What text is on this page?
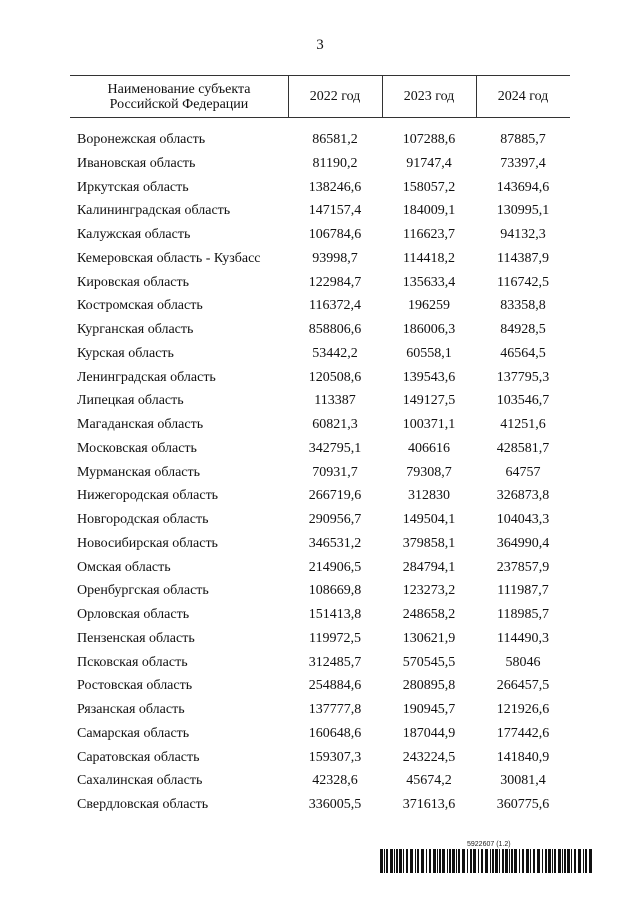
3
Наименование субъекта
Российской Федерации	2022 год	2023 год	2024 год
Воронежская область	86581,2	107288,6	87885,7
Ивановская область	81190,2	91747,4	73397,4
Иркутская область	138246,6	158057,2	143694,6
Калининградская область	147157,4	184009,1	130995,1
Калужская область	106784,6	116623,7	94132,3
Кемеровская область - Кузбасс	93998,7	114418,2	114387,9
Кировская область	122984,7	135633,4	116742,5
Костромская область	116372,4	196259	83358,8
Курганская область	858806,6	186006,3	84928,5
Курская область	53442,2	60558,1	46564,5
Ленинградская область	120508,6	139543,6	137795,3
Липецкая область	113387	149127,5	103546,7
Магаданская область	60821,3	100371,1	41251,6
Московская область	342795,1	406616	428581,7
Мурманская область	70931,7	79308,7	64757
Нижегородская область	266719,6	312830	326873,8
Новгородская область	290956,7	149504,1	104043,3
Новосибирская область	346531,2	379858,1	364990,4
Омская область	214906,5	284794,1	237857,9
Оренбургская область	108669,8	123273,2	111987,7
Орловская область	151413,8	248658,2	118985,7
Пензенская область	119972,5	130621,9	114490,3
Псковская область	312485,7	570545,5	58046
Ростовская область	254884,6	280895,8	266457,5
Рязанская область	137777,8	190945,7	121926,6
Самарская область	160648,6	187044,9	177442,6
Саратовская область	159307,3	243224,5	141840,9
Сахалинская область	42328,6	45674,2	30081,4
Свердловская область	336005,5	371613,6	360775,6
5922607 (1.2)
